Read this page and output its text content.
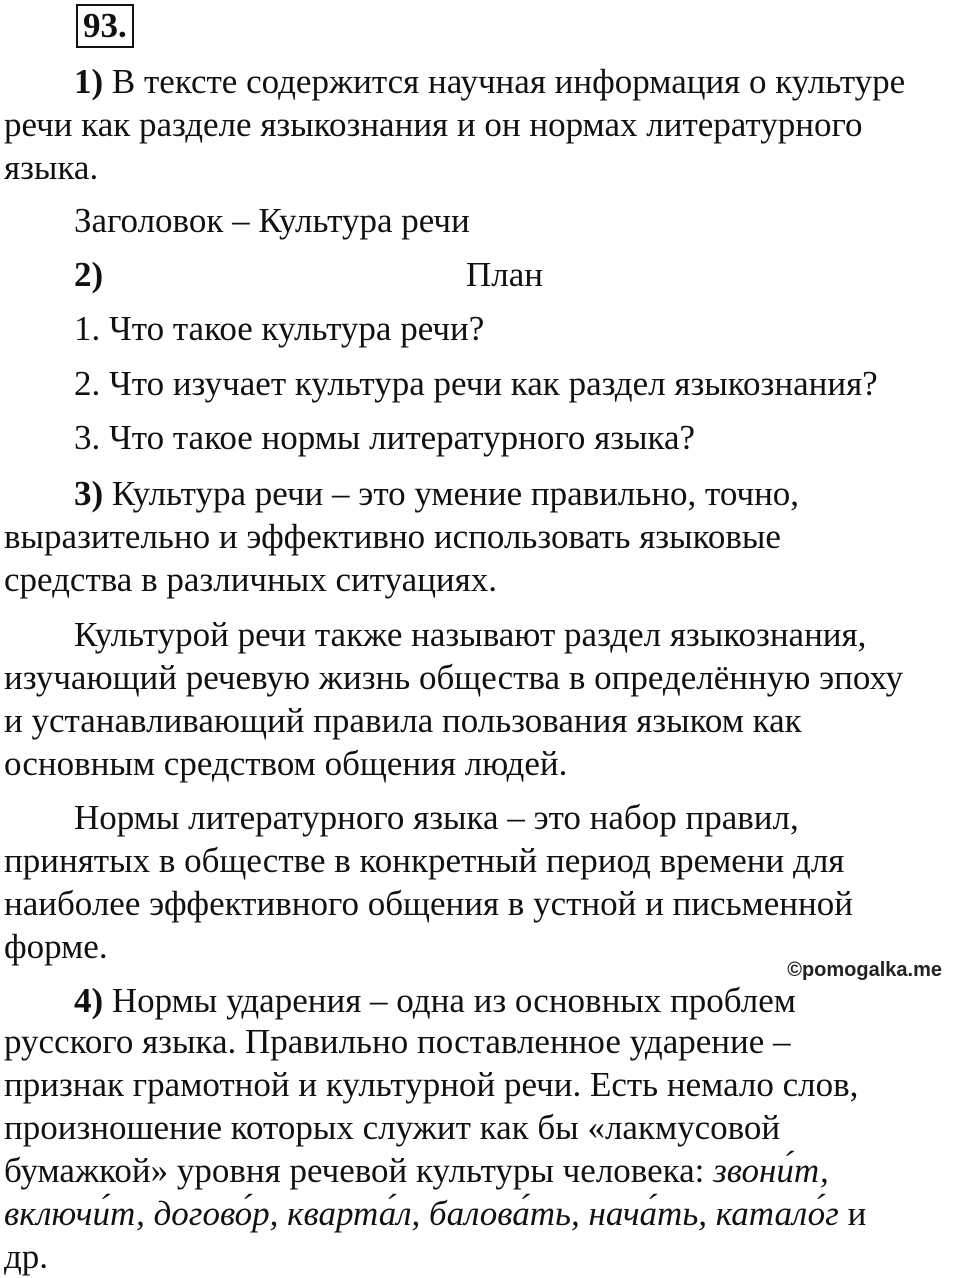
93.
1) В тексте содержится научная информация о культуре
речи как разделе языкознания и он нормах литературного
языка.
Заголовок – Культура речи
2)	План
1. Что такое культура речи?
2. Что изучает культура речи как раздел языкознания?
3. Что такое нормы литературного языка?
3) Культура речи – это умение правильно, точно,
выразительно и эффективно использовать языковые
средства в различных ситуациях.
Культурой речи также называют раздел языкознания,
изучающий речевую жизнь общества в определённую эпоху
и устанавливающий правила пользования языком как
основным средством общения людей.
Нормы литературного языка – это набор правил,
принятых в обществе в конкретный период времени для
наиболее эффективного общения в устной и письменной
форме.
4) Нормы ударения – одна из основных проблем
русского языка. Правильно поставленное ударение –
признак грамотной и культурной речи. Есть немало слов,
произношение которых служит как бы «лакмусовой
бумажкой» уровня речевой культуры человека: звони́т,
включи́т, догово́р, кварта́л, балова́ть, нача́ть, катало́г и
др.
©pomogalka.me
